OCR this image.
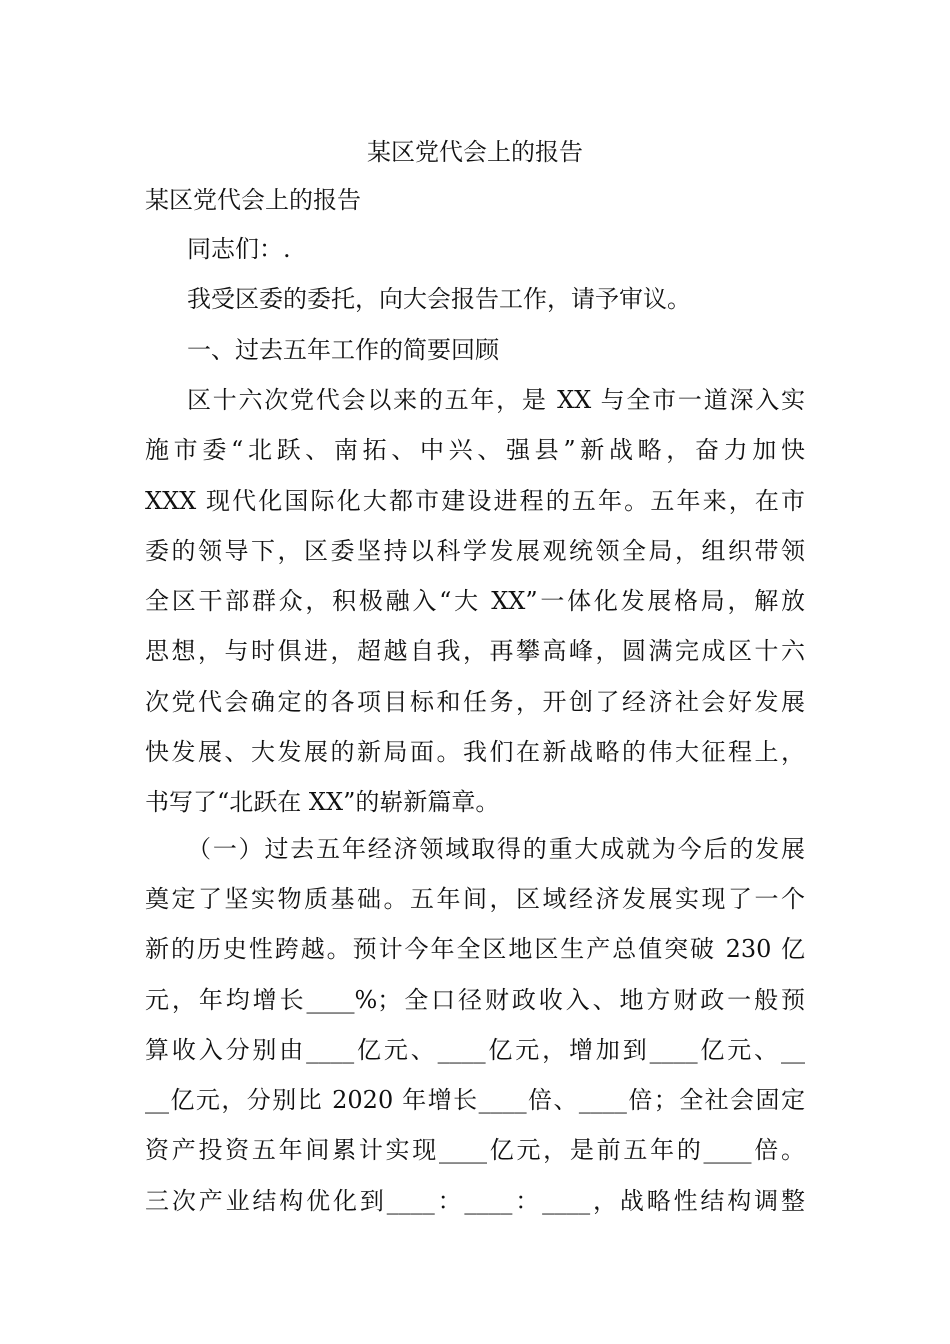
某区党代会上的报告
某区党代会上的报告
同志们：.
我受区委的委托，向大会报告工作，请予审议。
一、过去五年工作的简要回顾
区十六次党代会以来的五年，是 XX 与全市一道深入实
施市委“北跃、南拓、中兴、强县”新战略，奋力加快
XXX 现代化国际化大都市建设进程的五年。五年来，在市
委的领导下，区委坚持以科学发展观统领全局，组织带领
全区干部群众，积极融入“大 XX”一体化发展格局，解放
思想，与时俱进，超越自我，再攀高峰，圆满完成区十六
次党代会确定的各项目标和任务，开创了经济社会好发展
快发展、大发展的新局面。我们在新战略的伟大征程上，
书写了“北跃在 XX”的崭新篇章。
（一）过去五年经济领域取得的重大成就为今后的发展
奠定了坚实物质基础。五年间，区域经济发展实现了一个
新的历史性跨越。预计今年全区地区生产总值突破 230 亿
元，年均增长____%；全口径财政收入、地方财政一般预
算收入分别由____亿元、____亿元，增加到____亿元、__
__亿元，分别比 2020 年增长____倍、____倍；全社会固定
资产投资五年间累计实现____亿元，是前五年的____倍。
三次产业结构优化到____：____：____，战略性结构调整
